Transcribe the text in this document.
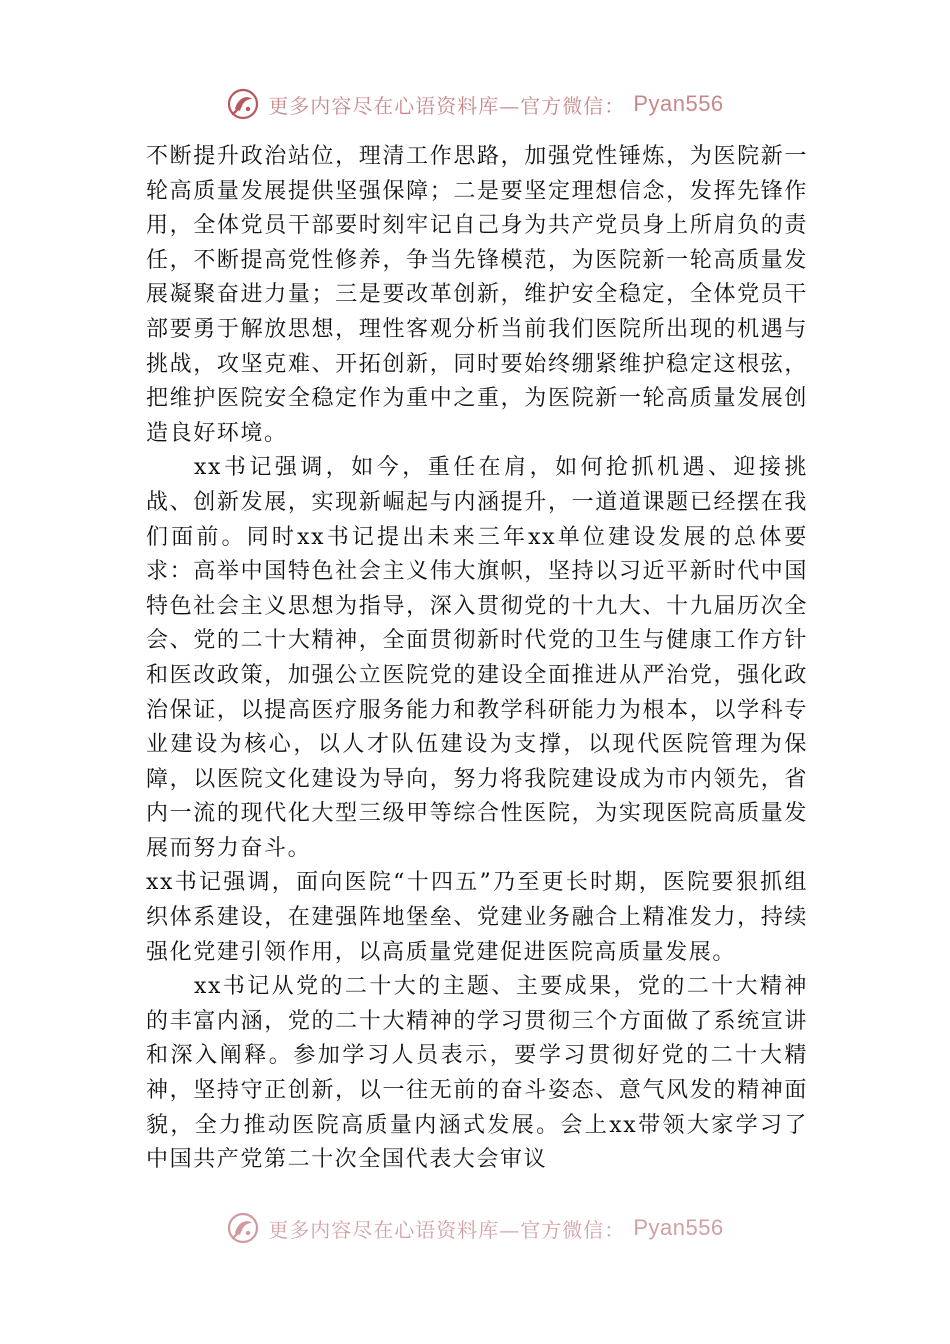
更多内容尽在心语资料库—官方微信： Pyan556

不断提升政治站位，理清工作思路，加强党性锤炼，为医院新一轮高质量发展提供坚强保障；二是要坚定理想信念，发挥先锋作用，全体党员干部要时刻牢记自己身为共产党员身上所肩负的责任，不断提高党性修养，争当先锋模范，为医院新一轮高质量发展凝聚奋进力量；三是要改革创新，维护安全稳定，全体党员干部要勇于解放思想，理性客观分析当前我们医院所出现的机遇与挑战，攻坚克难、开拓创新，同时要始终绷紧维护稳定这根弦，把维护医院安全稳定作为重中之重，为医院新一轮高质量发展创造良好环境。

xx书记强调，如今，重任在肩，如何抢抓机遇、迎接挑战、创新发展，实现新崛起与内涵提升，一道道课题已经摆在我们面前。同时xx书记提出未来三年xx单位建设发展的总体要求：高举中国特色社会主义伟大旗帜，坚持以习近平新时代中国特色社会主义思想为指导，深入贯彻党的十九大、十九届历次全会、党的二十大精神，全面贯彻新时代党的卫生与健康工作方针和医改政策，加强公立医院党的建设全面推进从严治党，强化政治保证，以提高医疗服务能力和教学科研能力为根本，以学科专业建设为核心，以人才队伍建设为支撑，以现代医院管理为保障，以医院文化建设为导向，努力将我院建设成为市内领先，省内一流的现代化大型三级甲等综合性医院，为实现医院高质量发展而努力奋斗。

xx书记强调，面向医院“十四五”乃至更长时期，医院要狠抓组织体系建设，在建强阵地堡垒、党建业务融合上精准发力，持续强化党建引领作用，以高质量党建促进医院高质量发展。

xx书记从党的二十大的主题、主要成果，党的二十大精神的丰富内涵，党的二十大精神的学习贯彻三个方面做了系统宣讲和深入阐释。参加学习人员表示，要学习贯彻好党的二十大精神，坚持守正创新，以一往无前的奋斗姿态、意气风发的精神面貌，全力推动医院高质量内涵式发展。会上xx带领大家学习了中国共产党第二十次全国代表大会审议

更多内容尽在心语资料库—官方微信： Pyan556
